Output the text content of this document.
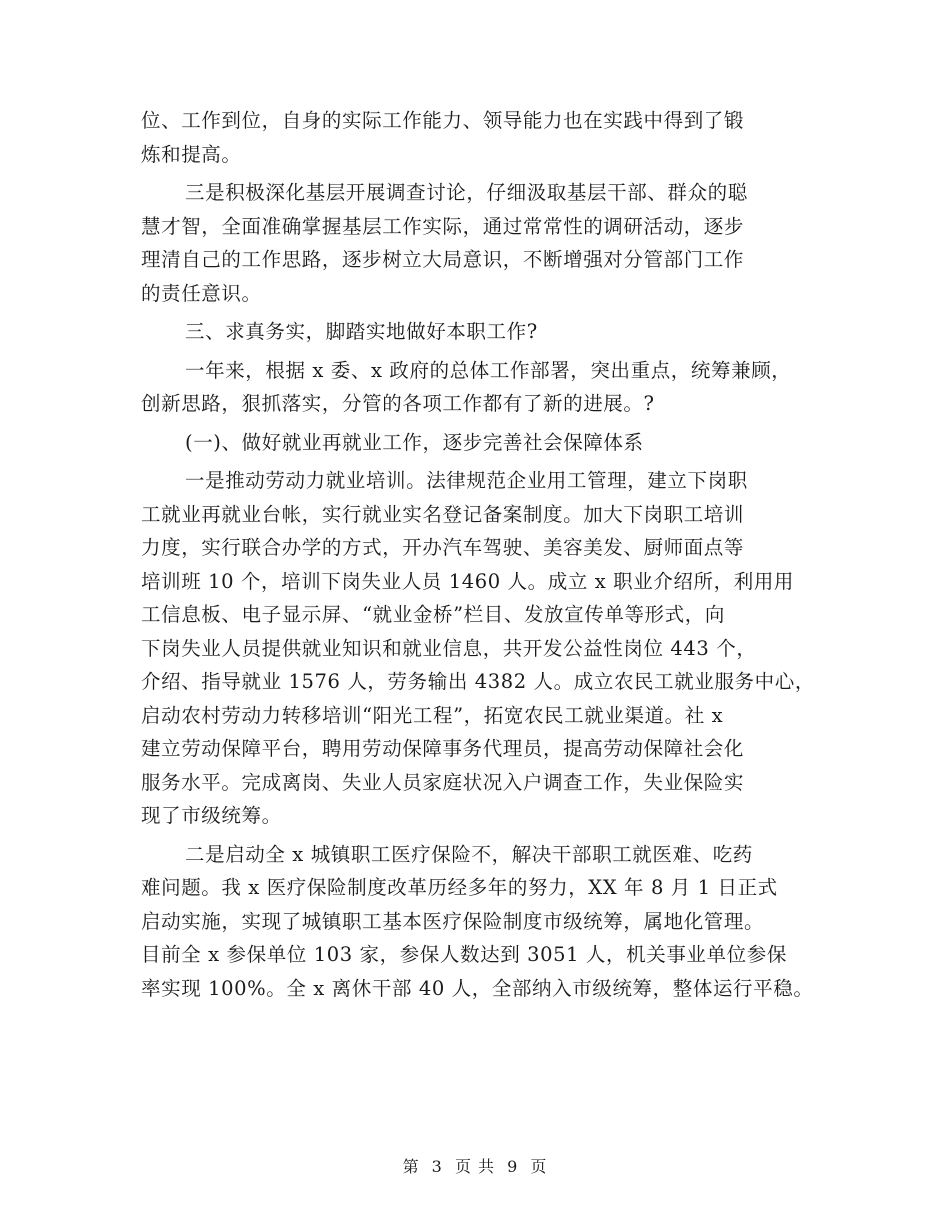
位、工作到位，自身的实际工作能力、领导能力也在实践中得到了锻
炼和提高。
三是积极深化基层开展调查讨论，仔细汲取基层干部、群众的聪
慧才智，全面准确掌握基层工作实际，通过常常性的调研活动，逐步
理清自己的工作思路，逐步树立大局意识，不断增强对分管部门工作
的责任意识。
三、求真务实，脚踏实地做好本职工作?
一年来，根据 x 委、x 政府的总体工作部署，突出重点，统筹兼顾，
创新思路，狠抓落实，分管的各项工作都有了新的进展。?
(一)、做好就业再就业工作，逐步完善社会保障体系
一是推动劳动力就业培训。法律规范企业用工管理，建立下岗职
工就业再就业台帐，实行就业实名登记备案制度。加大下岗职工培训
力度，实行联合办学的方式，开办汽车驾驶、美容美发、厨师面点等
培训班 10 个，培训下岗失业人员 1460 人。成立 x 职业介绍所，利用用
工信息板、电子显示屏、“就业金桥”栏目、发放宣传单等形式，向
下岗失业人员提供就业知识和就业信息，共开发公益性岗位 443 个，
介绍、指导就业 1576 人，劳务输出 4382 人。成立农民工就业服务中心，
启动农村劳动力转移培训“阳光工程”，拓宽农民工就业渠道。社 x
建立劳动保障平台，聘用劳动保障事务代理员，提高劳动保障社会化
服务水平。完成离岗、失业人员家庭状况入户调查工作，失业保险实
现了市级统筹。
二是启动全 x 城镇职工医疗保险不，解决干部职工就医难、吃药
难问题。我 x 医疗保险制度改革历经多年的努力，XX 年 8 月 1 日正式
启动实施，实现了城镇职工基本医疗保险制度市级统筹，属地化管理。
目前全 x 参保单位 103 家，参保人数达到 3051 人，机关事业单位参保
率实现 100%。全 x 离休干部 40 人，全部纳入市级统筹，整体运行平稳。
第 3 页 共 9 页
